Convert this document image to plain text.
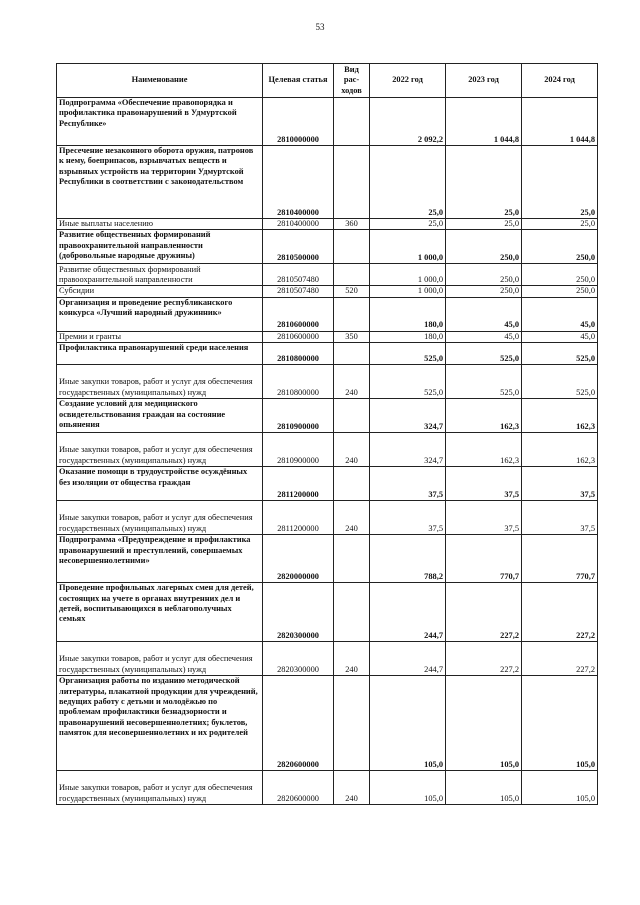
53
Наименование	Целевая статья	Вид рас-ходов	2022 год	2023 год	2024 год
Подпрограмма «Обеспечение правопорядка и профилактика правонарушений в Удмуртской Республике»	2810000000		2 092,2	1 044,8	1 044,8
Пресечение незаконного оборота оружия, патронов к нему, боеприпасов, взрывчатых веществ и взрывных устройств на территории Удмуртской Республики в соответствии с законодательством	2810400000		25,0	25,0	25,0
Иные выплаты населению	2810400000	360	25,0	25,0	25,0
Развитие общественных формирований правоохранительной направленности (добровольные народные дружины)	2810500000		1 000,0	250,0	250,0
Развитие общественных формирований правоохранительной направленности	2810507480		1 000,0	250,0	250,0
Субсидии	2810507480	520	1 000,0	250,0	250,0
Организация и проведение республиканского конкурса «Лучший народный дружинник»	2810600000		180,0	45,0	45,0
Премии и гранты	2810600000	350	180,0	45,0	45,0
Профилактика правонарушений среди населения	2810800000		525,0	525,0	525,0
Иные закупки товаров, работ и услуг для обеспечения государственных (муниципальных) нужд	2810800000	240	525,0	525,0	525,0
Создание условий для медицинского освидетельствования граждан на состояние опьянения	2810900000		324,7	162,3	162,3
Иные закупки товаров, работ и услуг для обеспечения государственных (муниципальных) нужд	2810900000	240	324,7	162,3	162,3
Оказание помощи в трудоустройстве осуждённых без изоляции от общества граждан	2811200000		37,5	37,5	37,5
Иные закупки товаров, работ и услуг для обеспечения государственных (муниципальных) нужд	2811200000	240	37,5	37,5	37,5
Подпрограмма «Предупреждение и профилактика правонарушений и преступлений, совершаемых несовершеннолетними»	2820000000		788,2	770,7	770,7
Проведение профильных лагерных смен для детей, состоящих на учете в органах внутренних дел и детей, воспитывающихся в неблагополучных семьях	2820300000		244,7	227,2	227,2
Иные закупки товаров, работ и услуг для обеспечения государственных (муниципальных) нужд	2820300000	240	244,7	227,2	227,2
Организация работы по изданию методической литературы, плакатной продукции для учреждений, ведущих работу с детьми и молодёжью по проблемам профилактики безнадзорности и правонарушений несовершеннолетних; буклетов, памяток для несовершеннолетних и их родителей	2820600000		105,0	105,0	105,0
Иные закупки товаров, работ и услуг для обеспечения государственных (муниципальных) нужд	2820600000	240	105,0	105,0	105,0
